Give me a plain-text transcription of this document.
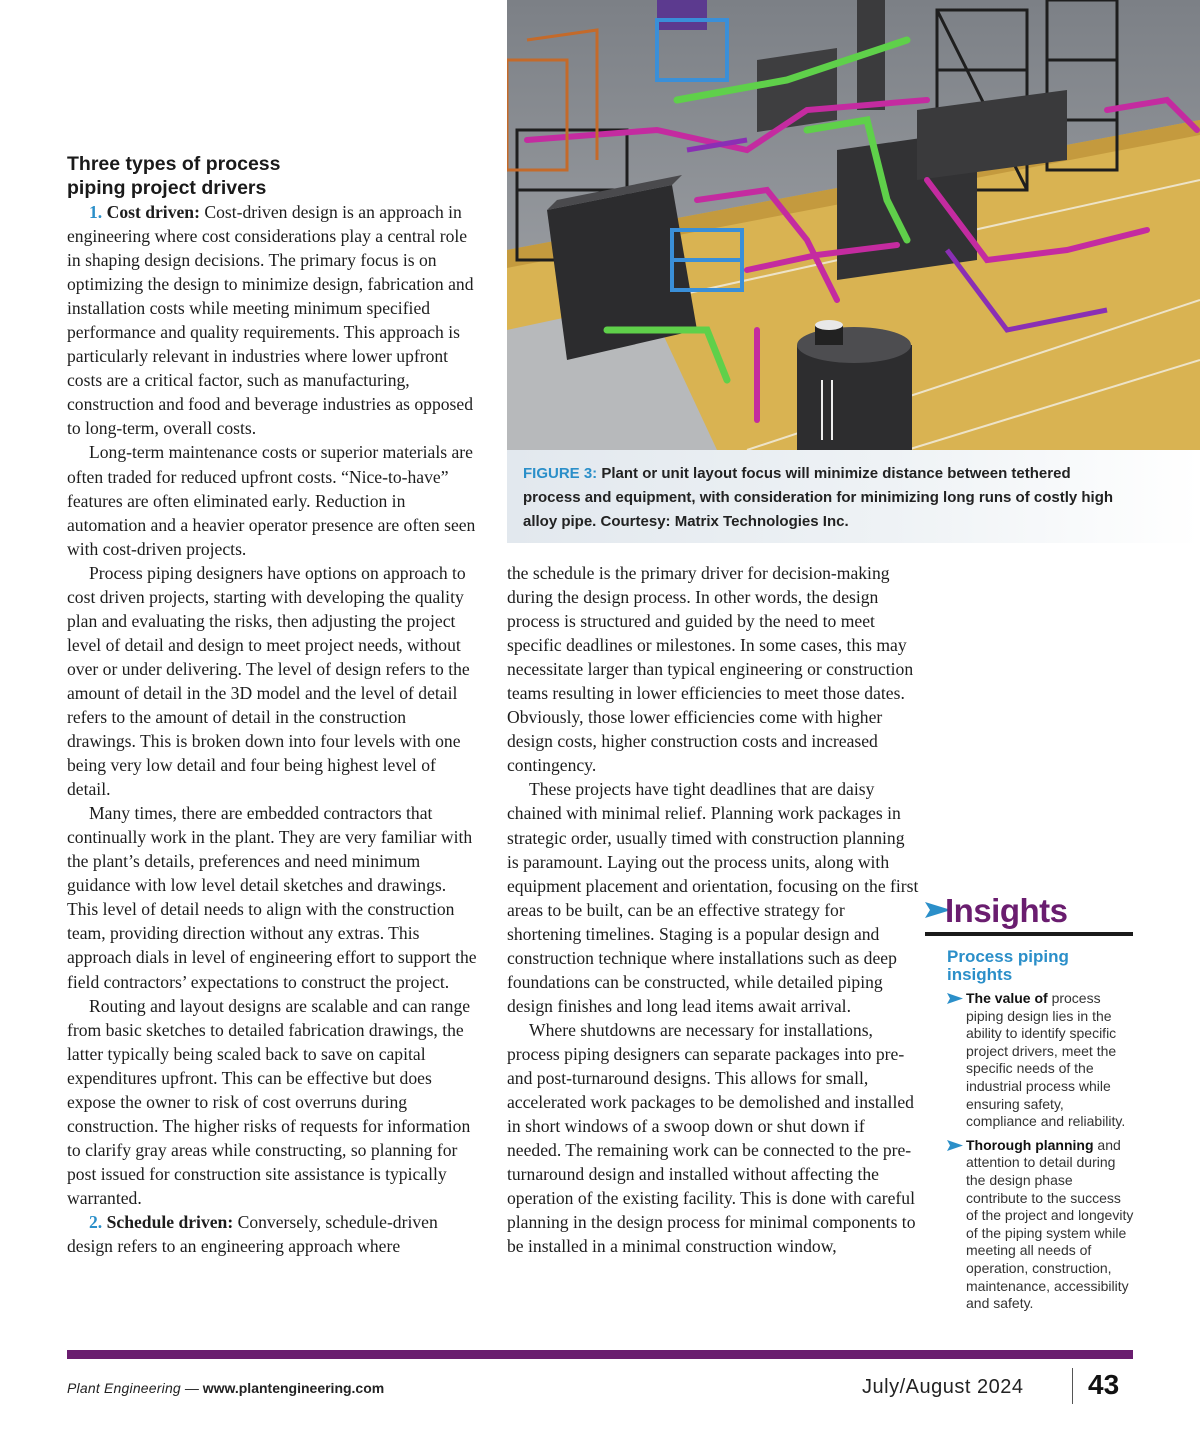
FIGURE 3: Plant or unit layout focus will minimize distance between tethered process and equipment, with consideration for minimizing long runs of costly high alloy pipe. Courtesy: Matrix Technologies Inc.

Three types of process
piping project drivers

1. Cost driven: Cost-driven design is an approach in engineering where cost considerations play a central role in shaping design decisions. The primary focus is on optimizing the design to minimize design, fabrication and installation costs while meeting minimum specified performance and quality requirements. This approach is particularly relevant in industries where lower upfront costs are a critical factor, such as manufacturing, construction and food and beverage industries as opposed to long-term, overall costs.

Long-term maintenance costs or superior materials are often traded for reduced upfront costs. “Nice-to-have” features are often eliminated early. Reduction in automation and a heavier operator presence are often seen with cost-driven projects.

Process piping designers have options on approach to cost driven projects, starting with developing the quality plan and evaluating the risks, then adjusting the project level of detail and design to meet project needs, without over or under delivering. The level of design refers to the amount of detail in the 3D model and the level of detail refers to the amount of detail in the construction drawings. This is broken down into four levels with one being very low detail and four being highest level of detail.

Many times, there are embedded contractors that continually work in the plant. They are very familiar with the plant’s details, preferences and need minimum guidance with low level detail sketches and drawings. This level of detail needs to align with the construction team, providing direction without any extras. This approach dials in level of engineering effort to support the field contractors’ expectations to construct the project.

Routing and layout designs are scalable and can range from basic sketches to detailed fabrication drawings, the latter typically being scaled back to save on capital expenditures upfront. This can be effective but does expose the owner to risk of cost overruns during construction. The higher risks of requests for information to clarify gray areas while constructing, so planning for post issued for construction site assistance is typically warranted.

2. Schedule driven: Conversely, schedule-driven design refers to an engineering approach where

the schedule is the primary driver for decision-making during the design process. In other words, the design process is structured and guided by the need to meet specific deadlines or milestones. In some cases, this may necessitate larger than typical engineering or construction teams resulting in lower efficiencies to meet those dates. Obviously, those lower efficiencies come with higher design costs, higher construction costs and increased contingency.

These projects have tight deadlines that are daisy chained with minimal relief. Planning work packages in strategic order, usually timed with construction planning is paramount. Laying out the process units, along with equipment placement and orientation, focusing on the first areas to be built, can be an effective strategy for shortening timelines. Staging is a popular design and construction technique where installations such as deep foundations can be constructed, while detailed piping design finishes and long lead items await arrival.

Where shutdowns are necessary for installations, process piping designers can separate packages into pre- and post-turnaround designs. This allows for small, accelerated work packages to be demolished and installed in short windows of a swoop down or shut down if needed. The remaining work can be connected to the pre-turnaround design and installed without affecting the operation of the existing facility. This is done with careful planning in the design process for minimal components to be installed in a minimal construction window,

Insights
Process piping insights
The value of process piping design lies in the ability to identify specific project drivers, meet the specific needs of the industrial process while ensuring safety, compliance and reliability.
Thorough planning and attention to detail during the design phase contribute to the success of the project and longevity of the piping system while meeting all needs of operation, construction, maintenance, accessibility and safety.
Plant Engineering — www.plantengineering.com	July/August 2024	43
